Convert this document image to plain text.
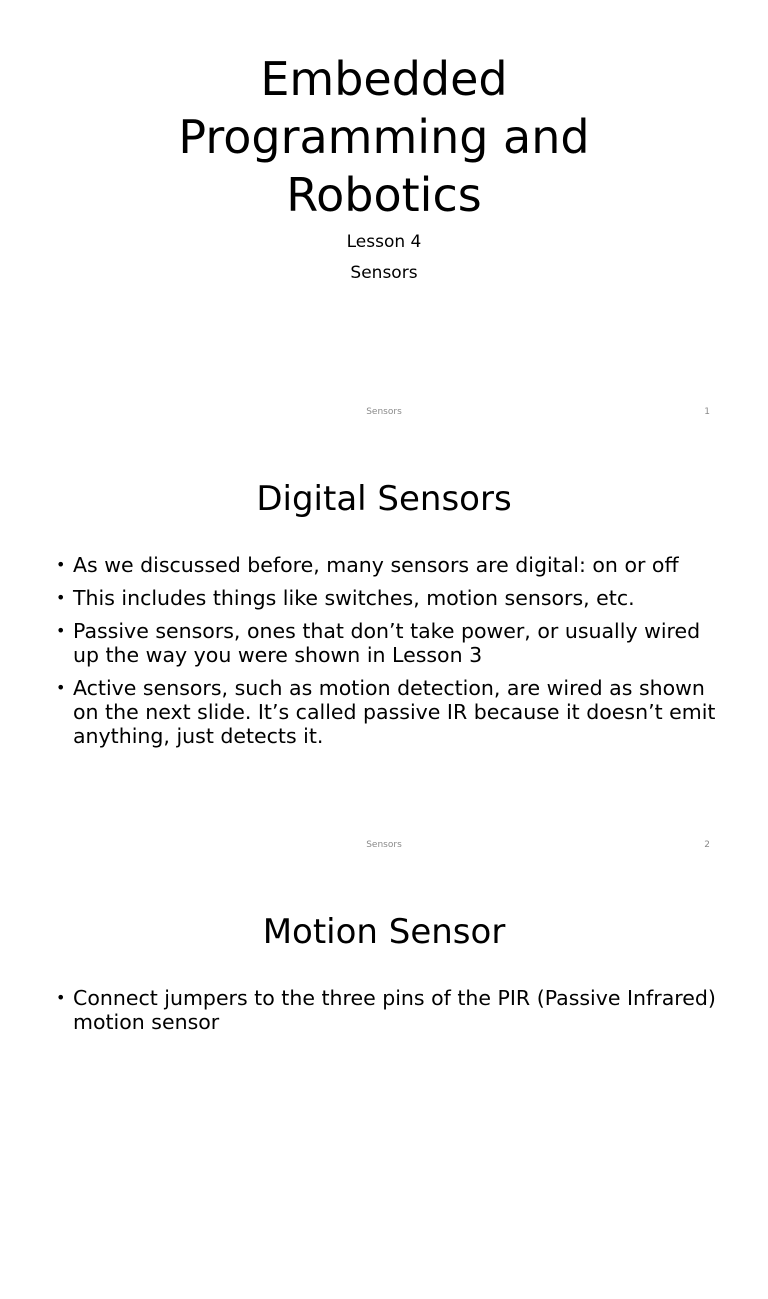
Embedded
Programming and
Robotics
Lesson 4
Sensors
Sensors	1
Digital Sensors
• As we discussed before, many sensors are digital: on or off
• This includes things like switches, motion sensors, etc.
• Passive sensors, ones that don’t take power, or usually wired up the way you were shown in Lesson 3
• Active sensors, such as motion detection, are wired as shown on the next slide. It’s called passive IR because it doesn’t emit anything, just detects it.
Sensors	2
Motion Sensor
• Connect jumpers to the three pins of the PIR (Passive Infrared) motion sensor
